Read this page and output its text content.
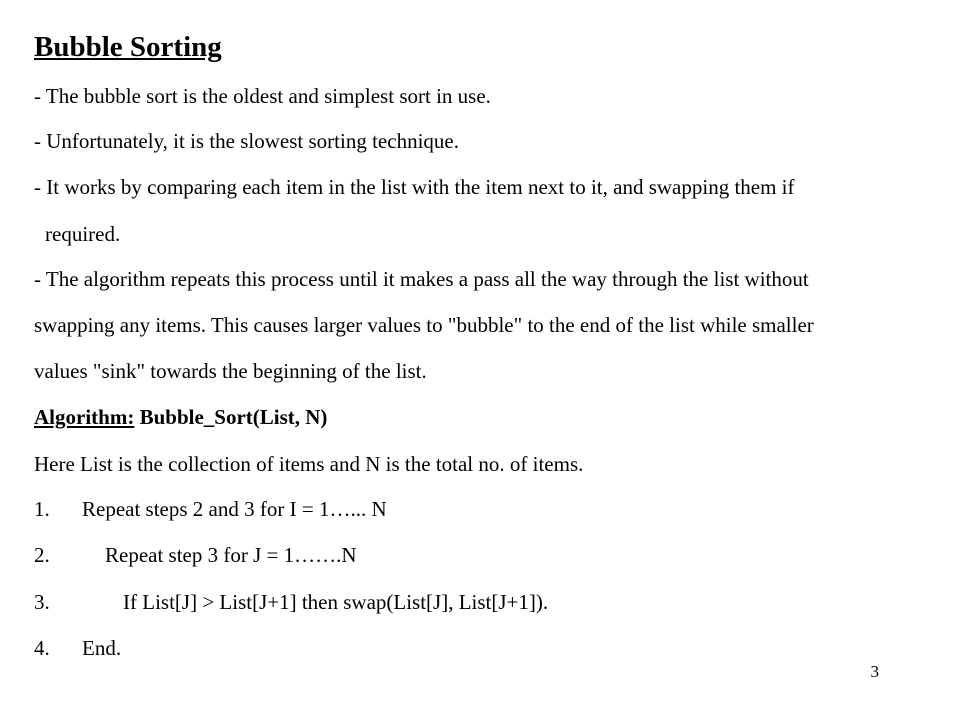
Bubble Sorting
- The bubble sort is the oldest and simplest sort in use.
- Unfortunately, it is the slowest sorting technique.
- It works by comparing each item in the list with the item next to it, and swapping them if
required.
- The algorithm repeats this process until it makes a pass all the way through the list without
swapping any items. This causes larger values to "bubble" to the end of the list while smaller
values "sink" towards the beginning of the list.
Algorithm: Bubble_Sort(List, N)
Here List is the collection of items and N is the total no. of items.
1. Repeat steps 2 and 3 for I = 1…... N
2.	Repeat step 3 for J = 1…….N
3.	If List[J] > List[J+1] then swap(List[J], List[J+1]).
4. End.
3
